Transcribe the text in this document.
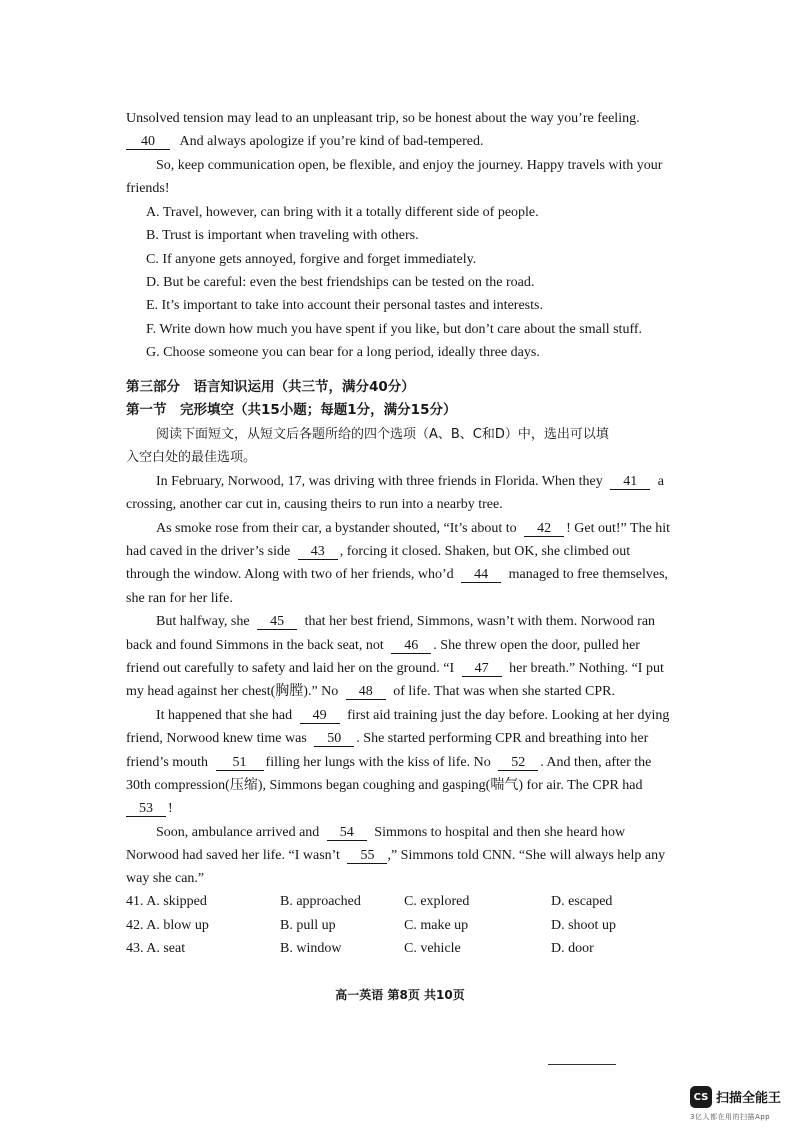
Unsolved tension may lead to an unpleasant trip, so be honest about the way you’re feeling.
40 And always apologize if you’re kind of bad-tempered.
So, keep communication open, be flexible, and enjoy the journey. Happy travels with your
friends!
A. Travel, however, can bring with it a totally different side of people.
B. Trust is important when traveling with others.
C. If anyone gets annoyed, forgive and forget immediately.
D. But be careful: even the best friendships can be tested on the road.
E. It’s important to take into account their personal tastes and interests.
F. Write down how much you have spent if you like, but don’t care about the small stuff.
G. Choose someone you can bear for a long period, ideally three days.
第三部分　语言知识运用（共三节，满分40分）
第一节　完形填空（共15小题；每题1分，满分15分）
阅读下面短文，从短文后各题所给的四个选项（A、B、C和D）中，选出可以填
入空白处的最佳选项。
In February, Norwood, 17, was driving with three friends in Florida. When they 41 a
crossing, another car cut in, causing theirs to run into a nearby tree.
As smoke rose from their car, a bystander shouted, “It’s about to 42 ! Get out!” The hit
had caved in the driver’s side 43 , forcing it closed. Shaken, but OK, she climbed out
through the window. Along with two of her friends, who’d 44 managed to free themselves,
she ran for her life.
But halfway, she 45 that her best friend, Simmons, wasn’t with them. Norwood ran
back and found Simmons in the back seat, not 46 . She threw open the door, pulled her
friend out carefully to safety and laid her on the ground. “I 47 her breath.” Nothing. “I put
my head against her chest(胸膛).” No 48 of life. That was when she started CPR.
It happened that she had 49 first aid training just the day before. Looking at her dying
friend, Norwood knew time was 50 . She started performing CPR and breathing into her
friend’s mouth 51 filling her lungs with the kiss of life. No 52 . And then, after the
30th compression(压缩), Simmons began coughing and gasping(喘气) for air. The CPR had
53 !
Soon, ambulance arrived and 54 Simmons to hospital and then she heard how
Norwood had saved her life. “I wasn’t 55 ,” Simmons told CNN. “She will always help any
way she can.”
41. A. skipped	B. approached	C. explored	D. escaped
42. A. blow up	B. pull up	C. make up	D. shoot up
43. A. seat	B. window	C. vehicle	D. door
高一英语 第8页 共10页
CS 扫描全能王
3亿人都在用的扫描App
